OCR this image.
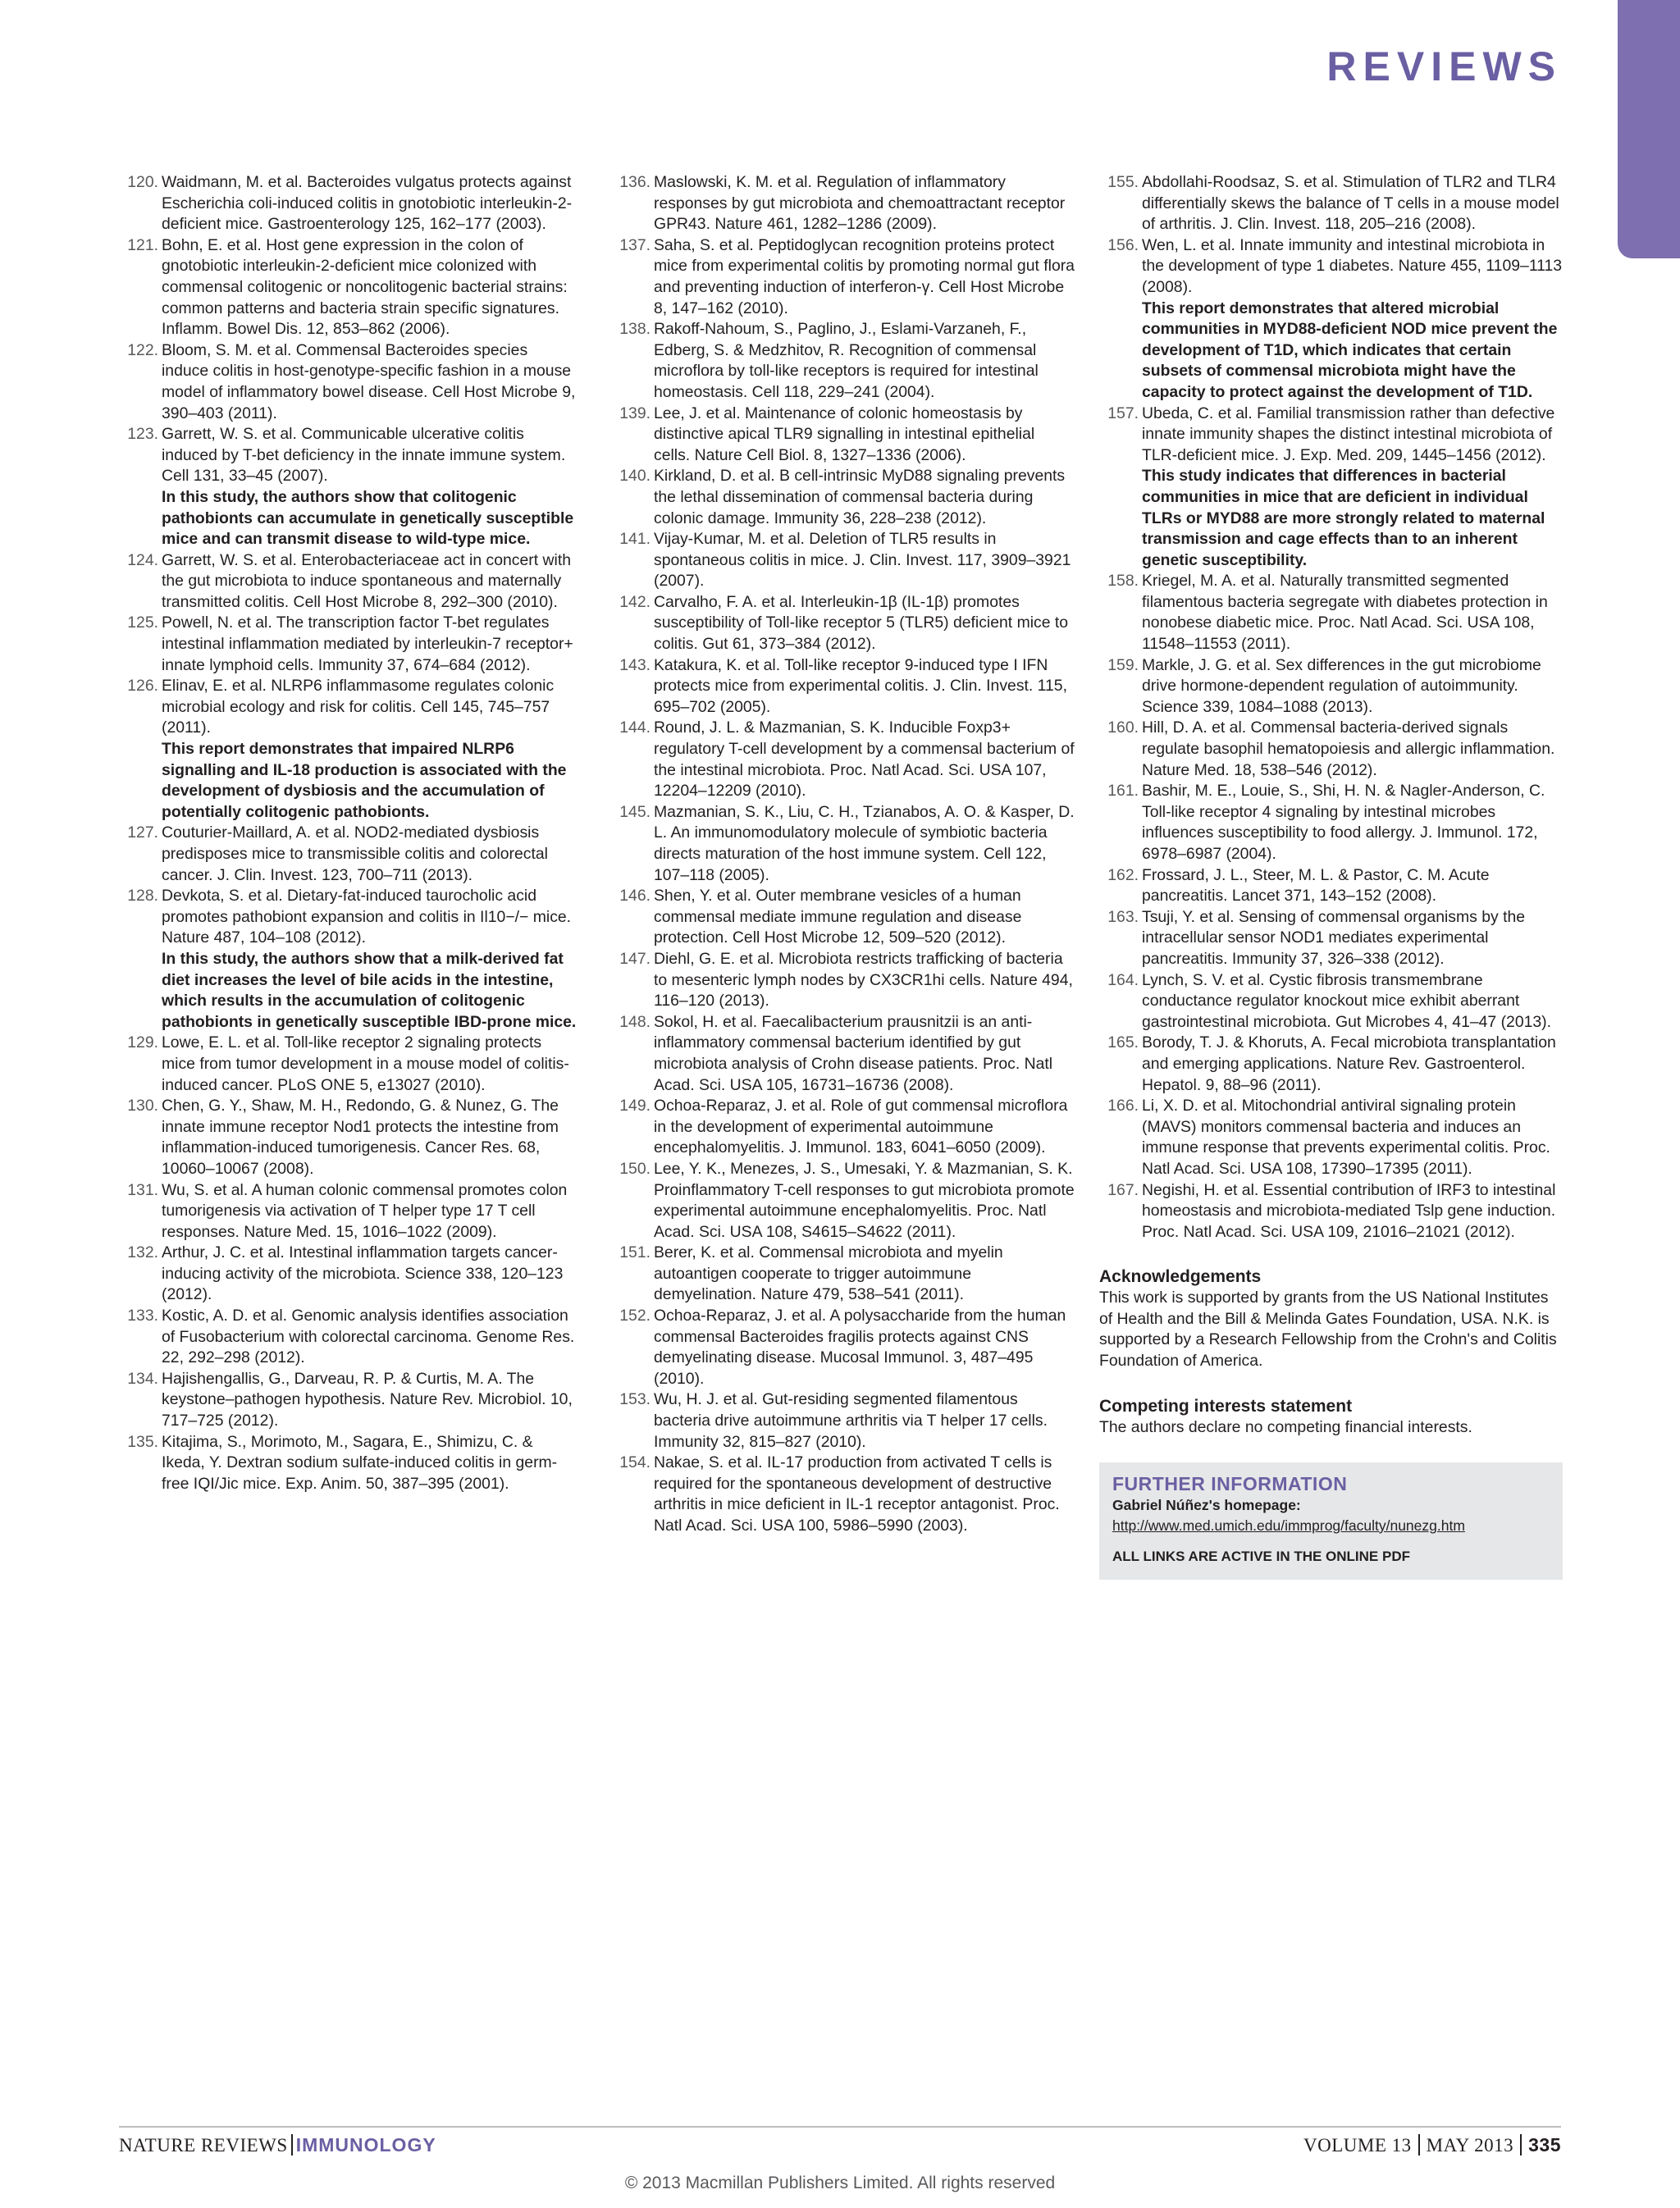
REVIEWS
120. Waidmann, M. et al. Bacteroides vulgatus protects against Escherichia coli-induced colitis in gnotobiotic interleukin-2-deficient mice. Gastroenterology 125, 162–177 (2003).
121. Bohn, E. et al. Host gene expression in the colon of gnotobiotic interleukin-2-deficient mice colonized with commensal colitogenic or noncolitogenic bacterial strains: common patterns and bacteria strain specific signatures. Inflamm. Bowel Dis. 12, 853–862 (2006).
122. Bloom, S. M. et al. Commensal Bacteroides species induce colitis in host-genotype-specific fashion in a mouse model of inflammatory bowel disease. Cell Host Microbe 9, 390–403 (2011).
123. Garrett, W. S. et al. Communicable ulcerative colitis induced by T-bet deficiency in the innate immune system. Cell 131, 33–45 (2007).
In this study, the authors show that colitogenic pathobionts can accumulate in genetically susceptible mice and can transmit disease to wild-type mice.
124. Garrett, W. S. et al. Enterobacteriaceae act in concert with the gut microbiota to induce spontaneous and maternally transmitted colitis. Cell Host Microbe 8, 292–300 (2010).
125. Powell, N. et al. The transcription factor T-bet regulates intestinal inflammation mediated by interleukin-7 receptor+ innate lymphoid cells. Immunity 37, 674–684 (2012).
126. Elinav, E. et al. NLRP6 inflammasome regulates colonic microbial ecology and risk for colitis. Cell 145, 745–757 (2011).
This report demonstrates that impaired NLRP6 signalling and IL-18 production is associated with the development of dysbiosis and the accumulation of potentially colitogenic pathobionts.
127. Couturier-Maillard, A. et al. NOD2-mediated dysbiosis predisposes mice to transmissible colitis and colorectal cancer. J. Clin. Invest. 123, 700–711 (2013).
128. Devkota, S. et al. Dietary-fat-induced taurocholic acid promotes pathobiont expansion and colitis in Il10−/− mice. Nature 487, 104–108 (2012).
In this study, the authors show that a milk-derived fat diet increases the level of bile acids in the intestine, which results in the accumulation of colitogenic pathobionts in genetically susceptible IBD-prone mice.
129. Lowe, E. L. et al. Toll-like receptor 2 signaling protects mice from tumor development in a mouse model of colitis-induced cancer. PLoS ONE 5, e13027 (2010).
130. Chen, G. Y., Shaw, M. H., Redondo, G. & Nunez, G. The innate immune receptor Nod1 protects the intestine from inflammation-induced tumorigenesis. Cancer Res. 68, 10060–10067 (2008).
131. Wu, S. et al. A human colonic commensal promotes colon tumorigenesis via activation of T helper type 17 T cell responses. Nature Med. 15, 1016–1022 (2009).
132. Arthur, J. C. et al. Intestinal inflammation targets cancer-inducing activity of the microbiota. Science 338, 120–123 (2012).
133. Kostic, A. D. et al. Genomic analysis identifies association of Fusobacterium with colorectal carcinoma. Genome Res. 22, 292–298 (2012).
134. Hajishengallis, G., Darveau, R. P. & Curtis, M. A. The keystone–pathogen hypothesis. Nature Rev. Microbiol. 10, 717–725 (2012).
135. Kitajima, S., Morimoto, M., Sagara, E., Shimizu, C. & Ikeda, Y. Dextran sodium sulfate-induced colitis in germ-free IQI/Jic mice. Exp. Anim. 50, 387–395 (2001).
136. Maslowski, K. M. et al. Regulation of inflammatory responses by gut microbiota and chemoattractant receptor GPR43. Nature 461, 1282–1286 (2009).
137. Saha, S. et al. Peptidoglycan recognition proteins protect mice from experimental colitis by promoting normal gut flora and preventing induction of interferon-γ. Cell Host Microbe 8, 147–162 (2010).
138. Rakoff-Nahoum, S., Paglino, J., Eslami-Varzaneh, F., Edberg, S. & Medzhitov, R. Recognition of commensal microflora by toll-like receptors is required for intestinal homeostasis. Cell 118, 229–241 (2004).
139. Lee, J. et al. Maintenance of colonic homeostasis by distinctive apical TLR9 signalling in intestinal epithelial cells. Nature Cell Biol. 8, 1327–1336 (2006).
140. Kirkland, D. et al. B cell-intrinsic MyD88 signaling prevents the lethal dissemination of commensal bacteria during colonic damage. Immunity 36, 228–238 (2012).
141. Vijay-Kumar, M. et al. Deletion of TLR5 results in spontaneous colitis in mice. J. Clin. Invest. 117, 3909–3921 (2007).
142. Carvalho, F. A. et al. Interleukin-1β (IL-1β) promotes susceptibility of Toll-like receptor 5 (TLR5) deficient mice to colitis. Gut 61, 373–384 (2012).
143. Katakura, K. et al. Toll-like receptor 9-induced type I IFN protects mice from experimental colitis. J. Clin. Invest. 115, 695–702 (2005).
144. Round, J. L. & Mazmanian, S. K. Inducible Foxp3+ regulatory T-cell development by a commensal bacterium of the intestinal microbiota. Proc. Natl Acad. Sci. USA 107, 12204–12209 (2010).
145. Mazmanian, S. K., Liu, C. H., Tzianabos, A. O. & Kasper, D. L. An immunomodulatory molecule of symbiotic bacteria directs maturation of the host immune system. Cell 122, 107–118 (2005).
146. Shen, Y. et al. Outer membrane vesicles of a human commensal mediate immune regulation and disease protection. Cell Host Microbe 12, 509–520 (2012).
147. Diehl, G. E. et al. Microbiota restricts trafficking of bacteria to mesenteric lymph nodes by CX3CR1hi cells. Nature 494, 116–120 (2013).
148. Sokol, H. et al. Faecalibacterium prausnitzii is an anti-inflammatory commensal bacterium identified by gut microbiota analysis of Crohn disease patients. Proc. Natl Acad. Sci. USA 105, 16731–16736 (2008).
149. Ochoa-Reparaz, J. et al. Role of gut commensal microflora in the development of experimental autoimmune encephalomyelitis. J. Immunol. 183, 6041–6050 (2009).
150. Lee, Y. K., Menezes, J. S., Umesaki, Y. & Mazmanian, S. K. Proinflammatory T-cell responses to gut microbiota promote experimental autoimmune encephalomyelitis. Proc. Natl Acad. Sci. USA 108, S4615–S4622 (2011).
151. Berer, K. et al. Commensal microbiota and myelin autoantigen cooperate to trigger autoimmune demyelination. Nature 479, 538–541 (2011).
152. Ochoa-Reparaz, J. et al. A polysaccharide from the human commensal Bacteroides fragilis protects against CNS demyelinating disease. Mucosal Immunol. 3, 487–495 (2010).
153. Wu, H. J. et al. Gut-residing segmented filamentous bacteria drive autoimmune arthritis via T helper 17 cells. Immunity 32, 815–827 (2010).
154. Nakae, S. et al. IL-17 production from activated T cells is required for the spontaneous development of destructive arthritis in mice deficient in IL-1 receptor antagonist. Proc. Natl Acad. Sci. USA 100, 5986–5990 (2003).
155. Abdollahi-Roodsaz, S. et al. Stimulation of TLR2 and TLR4 differentially skews the balance of T cells in a mouse model of arthritis. J. Clin. Invest. 118, 205–216 (2008).
156. Wen, L. et al. Innate immunity and intestinal microbiota in the development of type 1 diabetes. Nature 455, 1109–1113 (2008).
This report demonstrates that altered microbial communities in MYD88-deficient NOD mice prevent the development of T1D, which indicates that certain subsets of commensal microbiota might have the capacity to protect against the development of T1D.
157. Ubeda, C. et al. Familial transmission rather than defective innate immunity shapes the distinct intestinal microbiota of TLR-deficient mice. J. Exp. Med. 209, 1445–1456 (2012).
This study indicates that differences in bacterial communities in mice that are deficient in individual TLRs or MYD88 are more strongly related to maternal transmission and cage effects than to an inherent genetic susceptibility.
158. Kriegel, M. A. et al. Naturally transmitted segmented filamentous bacteria segregate with diabetes protection in nonobese diabetic mice. Proc. Natl Acad. Sci. USA 108, 11548–11553 (2011).
159. Markle, J. G. et al. Sex differences in the gut microbiome drive hormone-dependent regulation of autoimmunity. Science 339, 1084–1088 (2013).
160. Hill, D. A. et al. Commensal bacteria-derived signals regulate basophil hematopoiesis and allergic inflammation. Nature Med. 18, 538–546 (2012).
161. Bashir, M. E., Louie, S., Shi, H. N. & Nagler-Anderson, C. Toll-like receptor 4 signaling by intestinal microbes influences susceptibility to food allergy. J. Immunol. 172, 6978–6987 (2004).
162. Frossard, J. L., Steer, M. L. & Pastor, C. M. Acute pancreatitis. Lancet 371, 143–152 (2008).
163. Tsuji, Y. et al. Sensing of commensal organisms by the intracellular sensor NOD1 mediates experimental pancreatitis. Immunity 37, 326–338 (2012).
164. Lynch, S. V. et al. Cystic fibrosis transmembrane conductance regulator knockout mice exhibit aberrant gastrointestinal microbiota. Gut Microbes 4, 41–47 (2013).
165. Borody, T. J. & Khoruts, A. Fecal microbiota transplantation and emerging applications. Nature Rev. Gastroenterol. Hepatol. 9, 88–96 (2011).
166. Li, X. D. et al. Mitochondrial antiviral signaling protein (MAVS) monitors commensal bacteria and induces an immune response that prevents experimental colitis. Proc. Natl Acad. Sci. USA 108, 17390–17395 (2011).
167. Negishi, H. et al. Essential contribution of IRF3 to intestinal homeostasis and microbiota-mediated Tslp gene induction. Proc. Natl Acad. Sci. USA 109, 21016–21021 (2012).
Acknowledgements
This work is supported by grants from the US National Institutes of Health and the Bill & Melinda Gates Foundation, USA. N.K. is supported by a Research Fellowship from the Crohn's and Colitis Foundation of America.
Competing interests statement
The authors declare no competing financial interests.
FURTHER INFORMATION
Gabriel Núñez's homepage: http://www.med.umich.edu/immprog/faculty/nunezg.htm
ALL LINKS ARE ACTIVE IN THE ONLINE PDF
NATURE REVIEWS IMMUNOLOGY	VOLUME 13 MAY 2013 335
© 2013 Macmillan Publishers Limited. All rights reserved
